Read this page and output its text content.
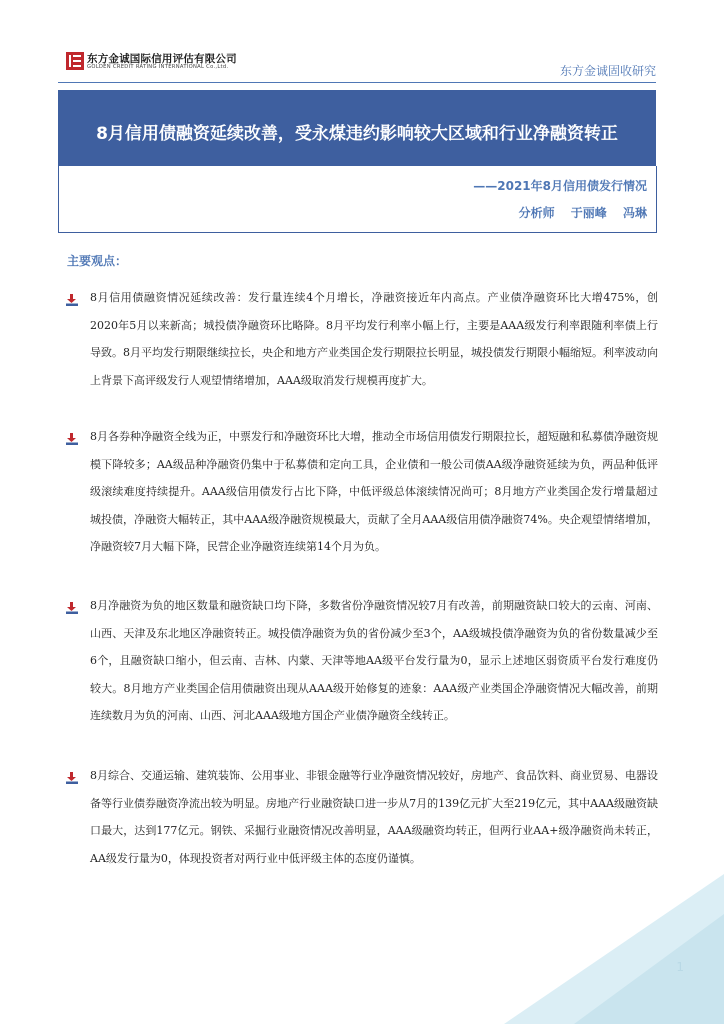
东方金诚国际信用评估有限公司
GOLDEN CREDIT RATING INTERNATIONAL Co.,Ltd.	东方金诚固收研究
8月信用债融资延续改善，受永煤违约影响较大区域和行业净融资转正
——2021年8月信用债发行情况
分析师 于丽峰 冯琳
主要观点：
8月信用债融资情况延续改善：发行量连续4个月增长，净融资接近年内高点。产业债净融资环比大增475%，创2020年5月以来新高；城投债净融资环比略降。8月平均发行利率小幅上行，主要是AAA级发行利率跟随利率债上行导致。8月平均发行期限继续拉长，央企和地方产业类国企发行期限拉长明显，城投债发行期限小幅缩短。利率波动向上背景下高评级发行人观望情绪增加，AAA级取消发行规模再度扩大。
8月各券种净融资全线为正，中票发行和净融资环比大增，推动全市场信用债发行期限拉长，超短融和私募债净融资规模下降较多；AA级品种净融资仍集中于私募债和定向工具，企业债和一般公司债AA级净融资延续为负，两品种低评级滚续难度持续提升。AAA级信用债发行占比下降，中低评级总体滚续情况尚可；8月地方产业类国企发行增量超过城投债，净融资大幅转正，其中AAA级净融资规模最大，贡献了全月AAA级信用债净融资74%。央企观望情绪增加，净融资较7月大幅下降，民营企业净融资连续第14个月为负。
8月净融资为负的地区数量和融资缺口均下降，多数省份净融资情况较7月有改善，前期融资缺口较大的云南、河南、山西、天津及东北地区净融资转正。城投债净融资为负的省份减少至3个，AA级城投债净融资为负的省份数量减少至6个，且融资缺口缩小，但云南、吉林、内蒙、天津等地AA级平台发行量为0，显示上述地区弱资质平台发行难度仍较大。8月地方产业类国企信用债融资出现从AAA级开始修复的迹象：AAA级产业类国企净融资情况大幅改善，前期连续数月为负的河南、山西、河北AAA级地方国企产业债净融资全线转正。
8月综合、交通运输、建筑装饰、公用事业、非银金融等行业净融资情况较好，房地产、食品饮料、商业贸易、电器设备等行业债券融资净流出较为明显。房地产行业融资缺口进一步从7月的139亿元扩大至219亿元，其中AAA级融资缺口最大，达到177亿元。钢铁、采掘行业融资情况改善明显，AAA级融资均转正，但两行业AA+级净融资尚未转正，AA级发行量为0，体现投资者对两行业中低评级主体的态度仍谨慎。
1
